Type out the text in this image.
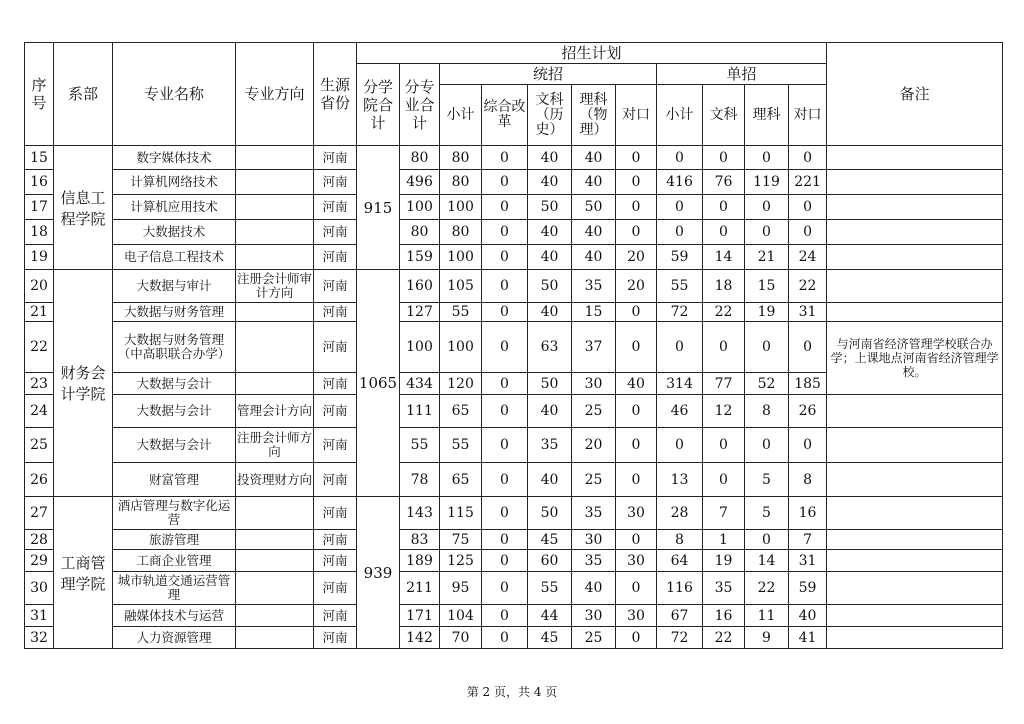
序号	系部	专业名称	专业方向	生源省份	招生计划											备注
					分学院合计	分专业合计	统招					单招				
							小计	综合改革	文科（历史）	理科（物理）	对口	小计	文科	理科	对口	

15	信息工程学院	数字媒体技术		河南	915	80	80	0	40	40	0	0	0	0	0	
16		计算机网络技术		河南		496	80	0	40	40	0	416	76	119	221	
17		计算机应用技术		河南		100	100	0	50	50	0	0	0	0	0	
18		大数据技术		河南		80	80	0	40	40	0	0	0	0	0	
19		电子信息工程技术		河南		159	100	0	40	40	20	59	14	21	24	
20	财务会计学院	大数据与审计	注册会计师审计方向	河南	1065	160	105	0	50	35	20	55	18	15	22	
21		大数据与财务管理		河南		127	55	0	40	15	0	72	22	19	31	
22		大数据与财务管理（中高职联合办学）		河南		100	100	0	63	37	0	0	0	0	0	与河南省经济管理学校联合办学；上课地点河南省经济管理学校。
23		大数据与会计		河南		434	120	0	50	30	40	314	77	52	185	
24		大数据与会计	管理会计方向	河南		111	65	0	40	25	0	46	12	8	26	
25		大数据与会计	注册会计师方向	河南		55	55	0	35	20	0	0	0	0	0	
26		财富管理	投资理财方向	河南		78	65	0	40	25	0	13	0	5	8	
27	工商管理学院	酒店管理与数字化运营		河南	939	143	115	0	50	35	30	28	7	5	16	
28		旅游管理		河南		83	75	0	45	30	0	8	1	0	7	
29		工商企业管理		河南		189	125	0	60	35	30	64	19	14	31	
30		城市轨道交通运营管理		河南		211	95	0	55	40	0	116	35	22	59	
31		融媒体技术与运营		河南		171	104	0	44	30	30	67	16	11	40	
32		人力资源管理		河南		142	70	0	45	25	0	72	22	9	41	
第 2 页，共 4 页
